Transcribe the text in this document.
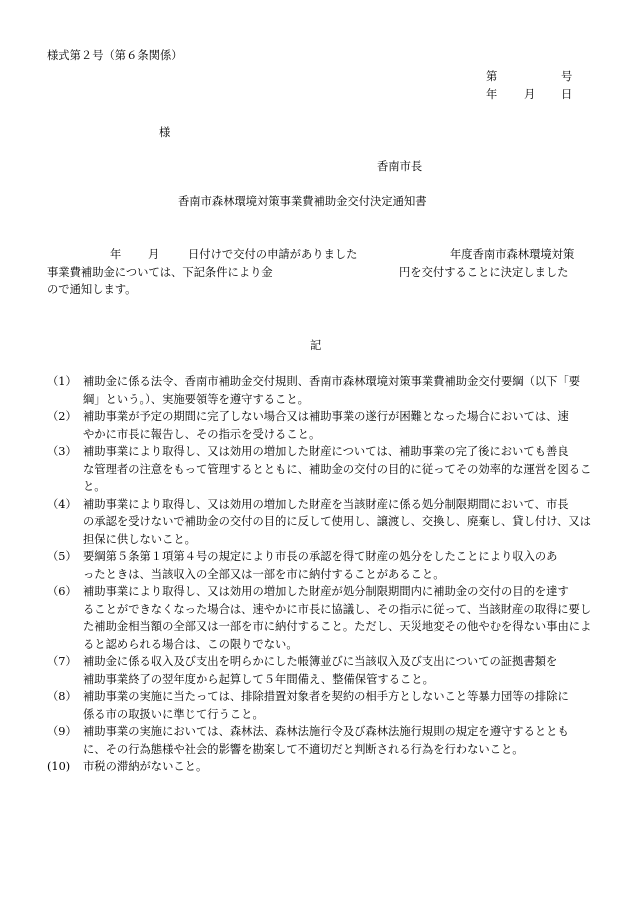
様式第２号（第６条関係）
第	号
年 月 日
様
香南市長
香南市森林環境対策事業費補助金交付決定通知書
年 月	日付けで交付の申請がありました	年度香南市森林環境対策
事業費補助金については、下記条件により金	円を交付することに決定しました
ので通知します。
記
（1） 補助金に係る法令、香南市補助金交付規則、香南市森林環境対策事業費補助金交付要綱（以下「要
綱」という。）、実施要領等を遵守すること。
（2） 補助事業が予定の期間に完了しない場合又は補助事業の遂行が困難となった場合においては、速
やかに市長に報告し、その指示を受けること。
（3） 補助事業により取得し、又は効用の増加した財産については、補助事業の完了後においても善良
な管理者の注意をもって管理するとともに、補助金の交付の目的に従ってその効率的な運営を図るこ
と。
（4） 補助事業により取得し、又は効用の増加した財産を当該財産に係る処分制限期間において、市長
の承認を受けないで補助金の交付の目的に反して使用し、譲渡し、交換し、廃棄し、貸し付け、又は
担保に供しないこと。
（5） 要綱第５条第１項第４号の規定により市長の承認を得て財産の処分をしたことにより収入のあ
ったときは、当該収入の全部又は一部を市に納付することがあること。
（6） 補助事業により取得し、又は効用の増加した財産が処分制限期間内に補助金の交付の目的を達す
ることができなくなった場合は、速やかに市長に協議し、その指示に従って、当該財産の取得に要し
た補助金相当額の全部又は一部を市に納付すること。ただし、天災地変その他やむを得ない事由によ
ると認められる場合は、この限りでない。
（7） 補助金に係る収入及び支出を明らかにした帳簿並びに当該収入及び支出についての証拠書類を
補助事業終了の翌年度から起算して５年間備え、整備保管すること。
（8） 補助事業の実施に当たっては、排除措置対象者を契約の相手方としないこと等暴力団等の排除に
係る市の取扱いに準じて行うこと。
（9） 補助事業の実施においては、森林法、森林法施行令及び森林法施行規則の規定を遵守するととも
に、その行為態様や社会的影響を勘案して不適切だと判断される行為を行わないこと。
(10)	市税の滞納がないこと。
